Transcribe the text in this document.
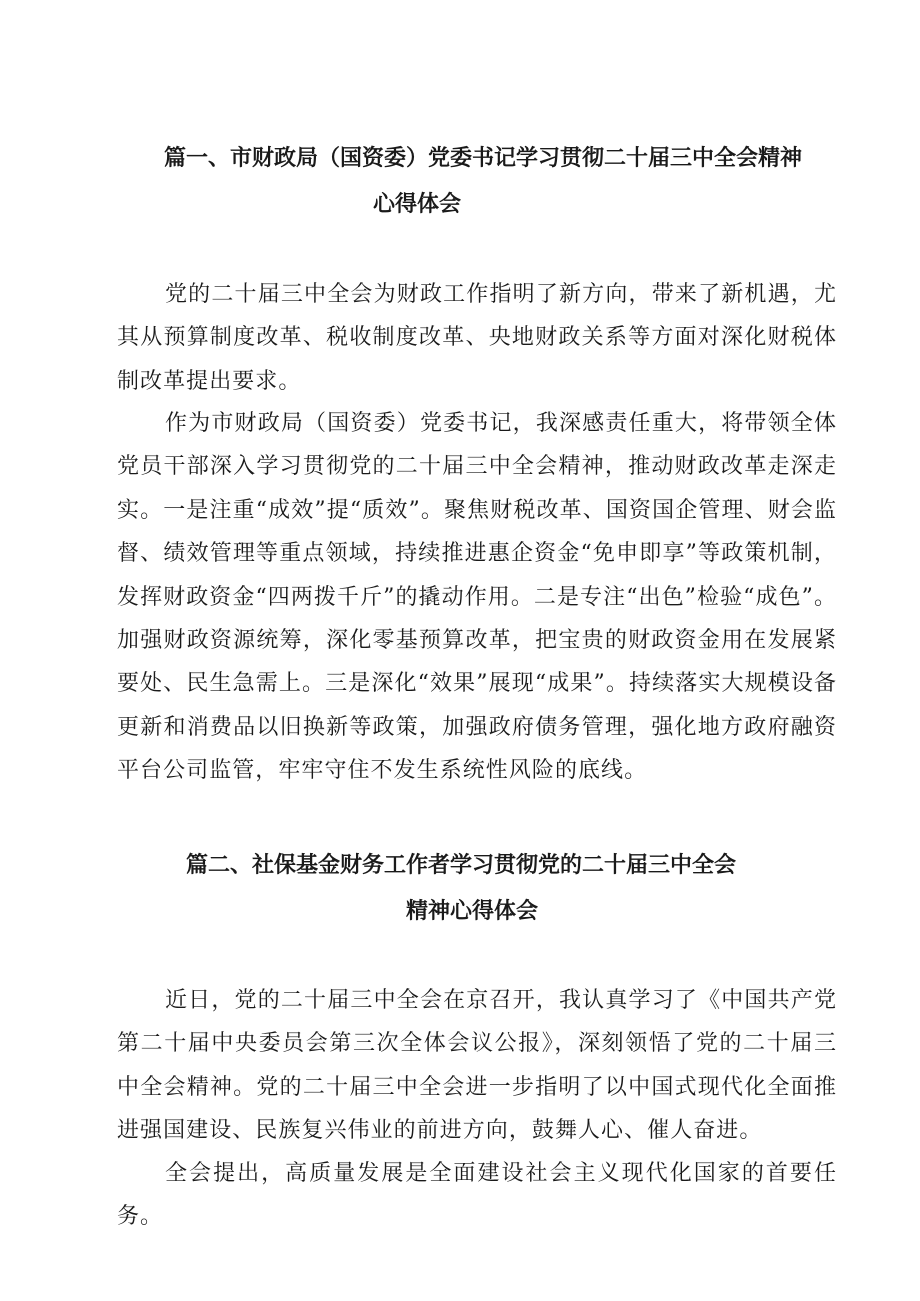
篇一、市财政局（国资委）党委书记学习贯彻二十届三中全会精神
心得体会

党的二十届三中全会为财政工作指明了新方向，带来了新机遇，尤其从预算制度改革、税收制度改革、央地财政关系等方面对深化财税体制改革提出要求。

作为市财政局（国资委）党委书记，我深感责任重大，将带领全体党员干部深入学习贯彻党的二十届三中全会精神，推动财政改革走深走实。一是注重“成效”提“质效”。聚焦财税改革、国资国企管理、财会监督、绩效管理等重点领域，持续推进惠企资金“免申即享”等政策机制，发挥财政资金“四两拨千斤”的撬动作用。二是专注“出色”检验“成色”。加强财政资源统筹，深化零基预算改革，把宝贵的财政资金用在发展紧要处、民生急需上。三是深化“效果”展现“成果”。持续落实大规模设备更新和消费品以旧换新等政策，加强政府债务管理，强化地方政府融资平台公司监管，牢牢守住不发生系统性风险的底线。

篇二、社保基金财务工作者学习贯彻党的二十届三中全会
精神心得体会

近日，党的二十届三中全会在京召开，我认真学习了《中国共产党第二十届中央委员会第三次全体会议公报》，深刻领悟了党的二十届三中全会精神。党的二十届三中全会进一步指明了以中国式现代化全面推进强国建设、民族复兴伟业的前进方向，鼓舞人心、催人奋进。

全会提出，高质量发展是全面建设社会主义现代化国家的首要任务。
